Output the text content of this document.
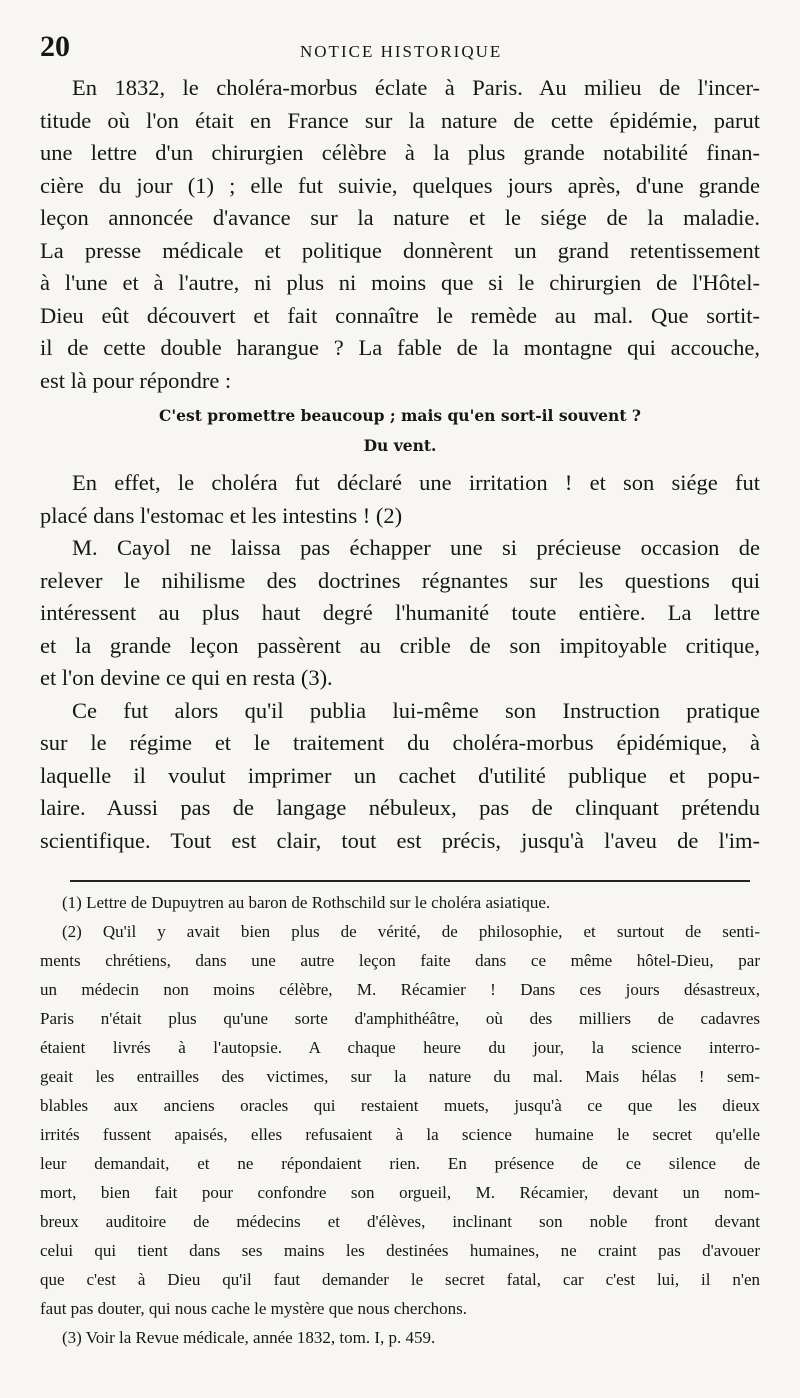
20	NOTICE HISTORIQUE
En 1832, le choléra-morbus éclate à Paris. Au milieu de l'incer-
titude où l'on était en France sur la nature de cette épidémie, parut
une lettre d'un chirurgien célèbre à la plus grande notabilité finan-
cière du jour (1) ; elle fut suivie, quelques jours après, d'une grande
leçon annoncée d'avance sur la nature et le siége de la maladie.
La presse médicale et politique donnèrent un grand retentissement
à l'une et à l'autre, ni plus ni moins que si le chirurgien de l'Hôtel-
Dieu eût découvert et fait connaître le remède au mal. Que sortit-
il de cette double harangue ? La fable de la montagne qui accouche,
est là pour répondre :
C'est promettre beaucoup ; mais qu'en sort-il souvent ?
Du vent.
En effet, le choléra fut déclaré une irritation ! et son siége fut
placé dans l'estomac et les intestins ! (2)
M. Cayol ne laissa pas échapper une si précieuse occasion de
relever le nihilisme des doctrines régnantes sur les questions qui
intéressent au plus haut degré l'humanité toute entière. La lettre
et la grande leçon passèrent au crible de son impitoyable critique,
et l'on devine ce qui en resta (3).
Ce fut alors qu'il publia lui-même son Instruction pratique
sur le régime et le traitement du choléra-morbus épidémique, à
laquelle il voulut imprimer un cachet d'utilité publique et popu-
laire. Aussi pas de langage nébuleux, pas de clinquant prétendu
scientifique. Tout est clair, tout est précis, jusqu'à l'aveu de l'im-
(1) Lettre de Dupuytren au baron de Rothschild sur le choléra asiatique.
(2) Qu'il y avait bien plus de vérité, de philosophie, et surtout de senti-
ments chrétiens, dans une autre leçon faite dans ce même hôtel-Dieu, par
un médecin non moins célèbre, M. Récamier ! Dans ces jours désastreux,
Paris n'était plus qu'une sorte d'amphithéâtre, où des milliers de cadavres
étaient livrés à l'autopsie. A chaque heure du jour, la science interro-
geait les entrailles des victimes, sur la nature du mal. Mais hélas ! sem-
blables aux anciens oracles qui restaient muets, jusqu'à ce que les dieux
irrités fussent apaisés, elles refusaient à la science humaine le secret qu'elle
leur demandait, et ne répondaient rien. En présence de ce silence de
mort, bien fait pour confondre son orgueil, M. Récamier, devant un nom-
breux auditoire de médecins et d'élèves, inclinant son noble front devant
celui qui tient dans ses mains les destinées humaines, ne craint pas d'avouer
que c'est à Dieu qu'il faut demander le secret fatal, car c'est lui, il n'en
faut pas douter, qui nous cache le mystère que nous cherchons.
(3) Voir la Revue médicale, année 1832, tom. I, p. 459.
